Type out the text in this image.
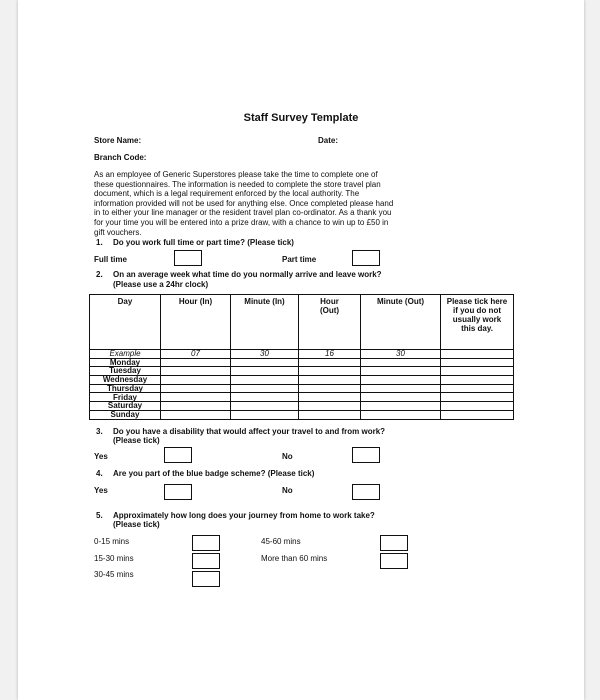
Staff Survey Template
Store Name:	Date:
Branch Code:
As an employee of Generic Superstores please take the time to complete one of
these questionnaires. The information is needed to complete the store travel plan
document, which is a legal requirement enforced by the local authority. The
information provided will not be used for anything else. Once completed please hand
in to either your line manager or the resident travel plan co-ordinator. As a thank you
for your time you will be entered into a prize draw, with a chance to win up to £50 in
gift vouchers.
1. Do you work full time or part time? (Please tick)
Full time	Part time
2. On an average week what time do you normally arrive and leave work?
(Please use a 24hr clock)
Day	Hour (In)	Minute (In)	Hour (Out)	Minute (Out)	Please tick here if you do not usually work this day.
Example	07	30	16	30	
Monday					
Tuesday					
Wednesday					
Thursday					
Friday					
Saturday					
Sunday					
3. Do you have a disability that would affect your travel to and from work?
(Please tick)
Yes	No
4. Are you part of the blue badge scheme? (Please tick)
Yes	No
5. Approximately how long does your journey from home to work take?
(Please tick)
0-15 mins	45-60 mins
15-30 mins	More than 60 mins
30-45 mins
